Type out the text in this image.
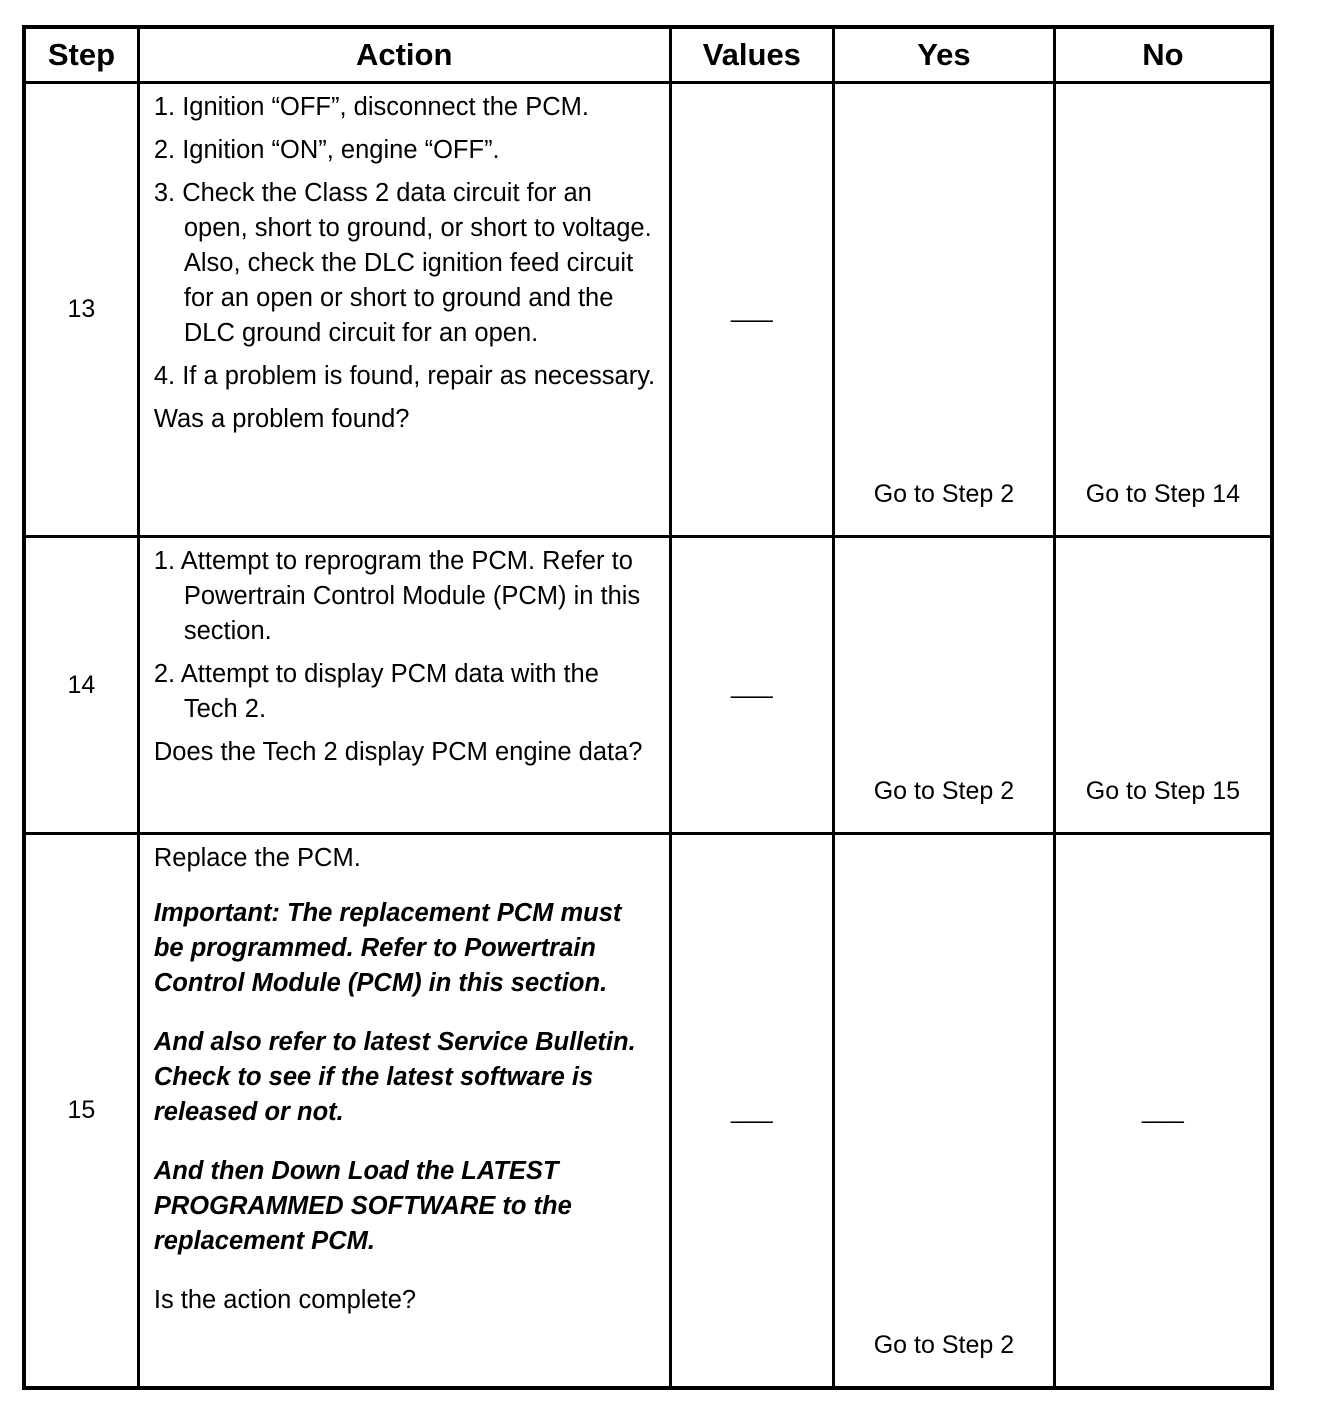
Step	Action	Values	Yes	No
13	1. Ignition “OFF”, disconnect the PCM.
2. Ignition “ON”, engine “OFF”.
3. Check the Class 2 data circuit for an open, short to ground, or short to voltage. Also, check the DLC ignition feed circuit for an open or short to ground and the DLC ground circuit for an open.
4. If a problem is found, repair as necessary.
Was a problem found?	___	Go to Step 2	Go to Step 14

14	1. Attempt to reprogram the PCM. Refer to Powertrain Control Module (PCM) in this section.
2. Attempt to display PCM data with the Tech 2.
Does the Tech 2 display PCM engine data?	___	Go to Step 2	Go to Step 15

15	Replace the PCM.
Important: The replacement PCM must be programmed. Refer to Powertrain Control Module (PCM) in this section.
And also refer to latest Service Bulletin. Check to see if the latest software is released or not.
And then Down Load the LATEST PROGRAMMED SOFTWARE to the replacement PCM.
Is the action complete?	___	Go to Step 2	___
